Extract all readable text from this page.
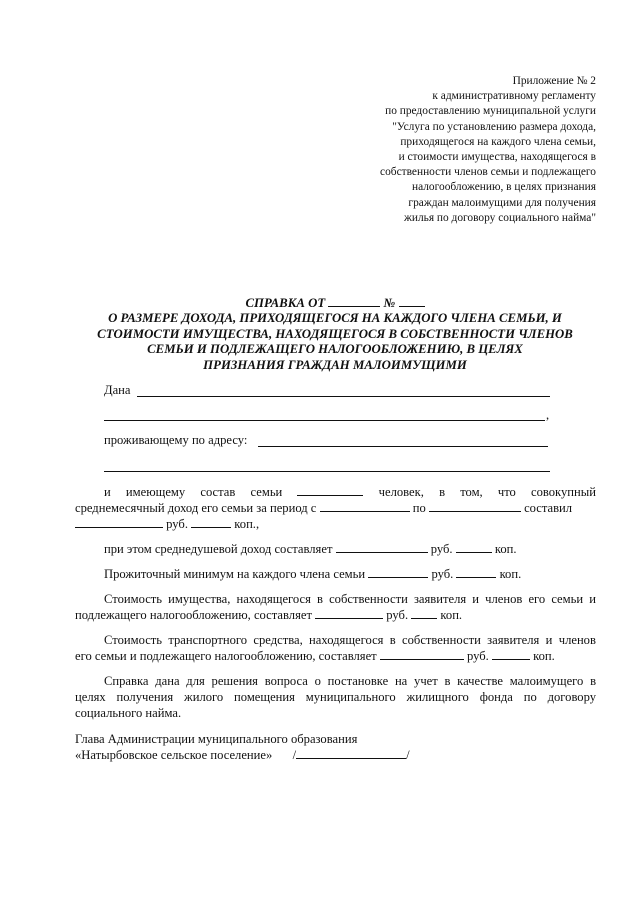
Приложение № 2
к административному регламенту
по предоставлению муниципальной услуги
"Услуга по установлению размера дохода,
приходящегося на каждого члена семьи,
и стоимости имущества, находящегося в
собственности членов семьи и подлежащего
налогообложению, в целях признания
граждан малоимущими для получения
жилья по договору социального найма"
СПРАВКА ОТ	№
О РАЗМЕРЕ ДОХОДА, ПРИХОДЯЩЕГОСЯ НА КАЖДОГО ЧЛЕНА СЕМЬИ, И
СТОИМОСТИ ИМУЩЕСТВА, НАХОДЯЩЕГОСЯ В СОБСТВЕННОСТИ ЧЛЕНОВ
СЕМЬИ И ПОДЛЕЖАЩЕГО НАЛОГООБЛОЖЕНИЮ, В ЦЕЛЯХ
ПРИЗНАНИЯ ГРАЖДАН МАЛОИМУЩИМИ
Дана
,
проживающему по адресу:
и имеющему состав семьи	человек, в том, что совокупный
среднемесячный доход его семьи за период с	по	составил
руб.	коп.,
при этом среднедушевой доход составляет	руб.	коп.
Прожиточный минимум на каждого члена семьи	руб.	коп.
Стоимость имущества, находящегося в собственности заявителя и членов его семьи и
подлежащего налогообложению, составляет	руб.	коп.
Стоимость транспортного средства, находящегося в собственности заявителя и членов
его семьи и подлежащего налогообложению, составляет	руб.	коп.
Справка дана для решения вопроса о постановке на учет в качестве малоимущего в
целях получения жилого помещения муниципального жилищного фонда по договору
социального найма.
Глава Администрации муниципального образования
«Натырбовское сельское поселение» /	/
